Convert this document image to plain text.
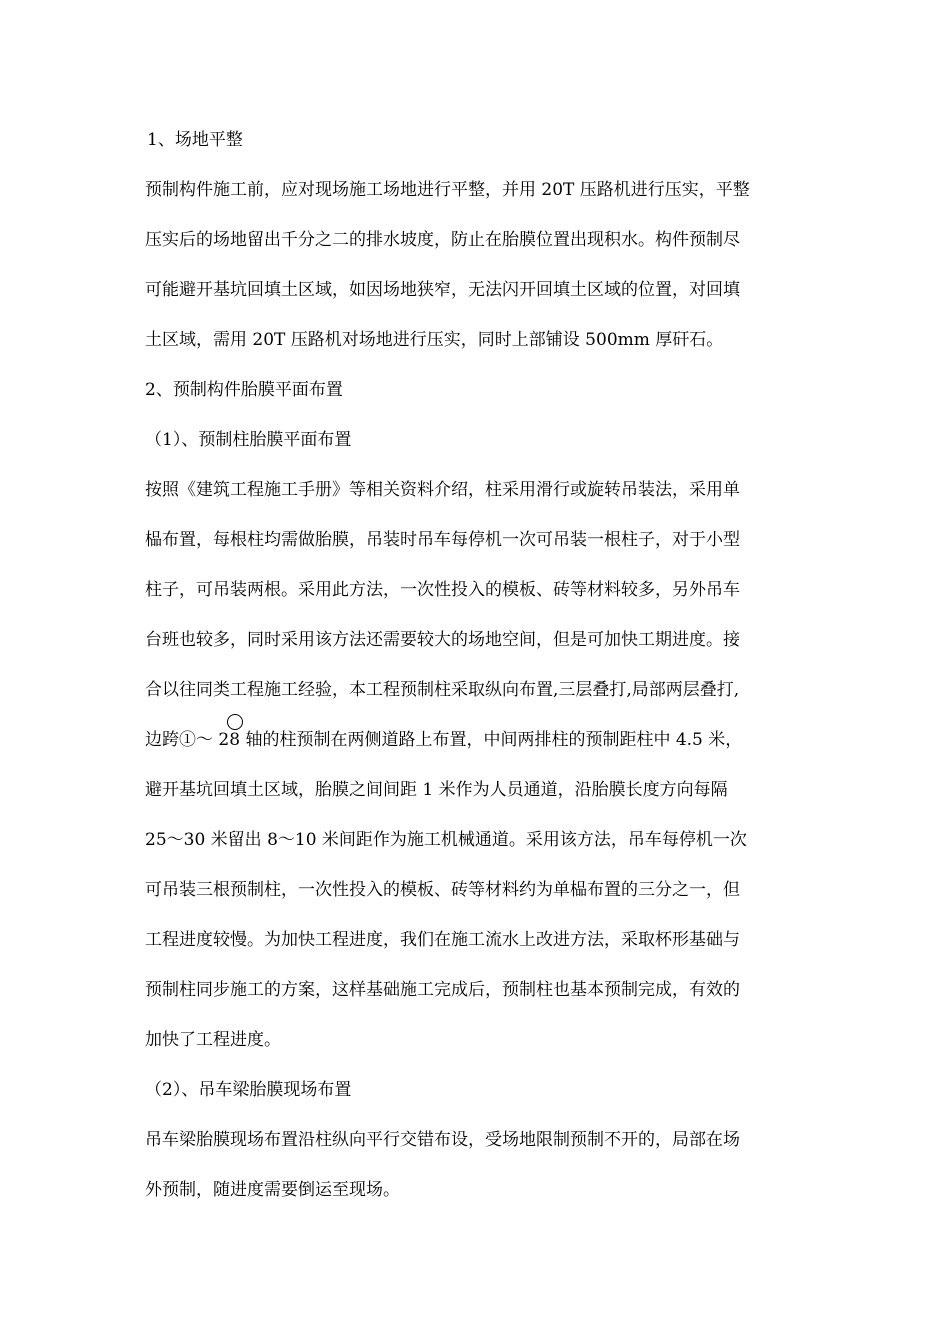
1、场地平整
预制构件施工前，应对现场施工场地进行平整，并用 20T 压路机进行压实，平整
压实后的场地留出千分之二的排水坡度，防止在胎膜位置出现积水。构件预制尽
可能避开基坑回填土区域，如因场地狭窄，无法闪开回填土区域的位置，对回填
土区域，需用 20T 压路机对场地进行压实，同时上部铺设 500mm 厚矸石。
2、预制构件胎膜平面布置
（1）、预制柱胎膜平面布置
按照《建筑工程施工手册》等相关资料介绍，柱采用滑行或旋转吊装法，采用单
榀布置，每根柱均需做胎膜，吊装时吊车每停机一次可吊装一根柱子，对于小型
柱子，可吊装两根。采用此方法，一次性投入的模板、砖等材料较多，另外吊车
台班也较多，同时采用该方法还需要较大的场地空间，但是可加快工期进度。接
合以往同类工程施工经验，本工程预制柱采取纵向布置,三层叠打,局部两层叠打,
边跨①～ 28 轴的柱预制在两侧道路上布置，中间两排柱的预制距柱中 4.5 米，
避开基坑回填土区域，胎膜之间间距 1 米作为人员通道，沿胎膜长度方向每隔
25～30 米留出 8～10 米间距作为施工机械通道。采用该方法，吊车每停机一次
可吊装三根预制柱，一次性投入的模板、砖等材料约为单榀布置的三分之一，但
工程进度较慢。为加快工程进度，我们在施工流水上改进方法，采取杯形基础与
预制柱同步施工的方案，这样基础施工完成后，预制柱也基本预制完成，有效的
加快了工程进度。
（2）、吊车梁胎膜现场布置
吊车梁胎膜现场布置沿柱纵向平行交错布设，受场地限制预制不开的，局部在场
外预制，随进度需要倒运至现场。
